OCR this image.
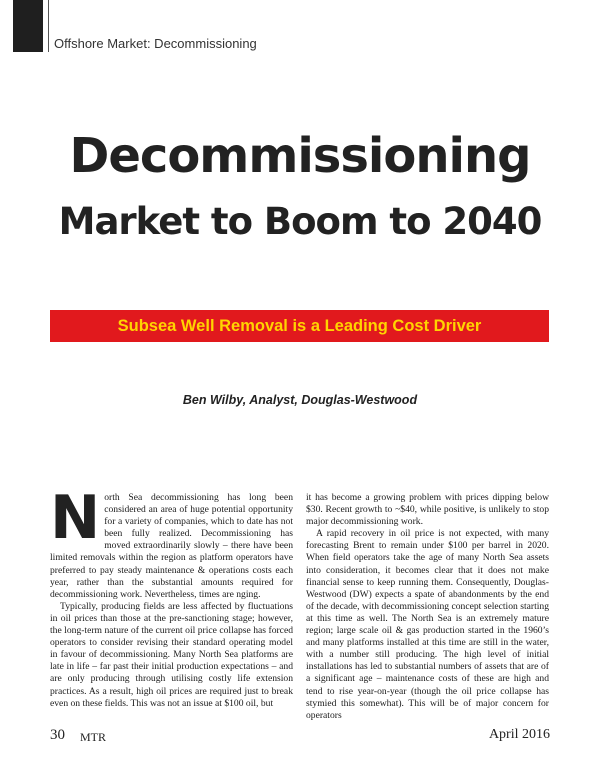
Offshore Market: Decommissioning
Decommissioning
Market to Boom to 2040
Subsea Well Removal is a Leading Cost Driver
Ben Wilby, Analyst, Douglas-Westwood

North Sea decommissioning has long been considered an area of huge potential opportunity for a variety of companies, which to date has not been fully realized. Decommissioning has moved extraordinarily slowly – there have been limited removals within the region as platform operators have preferred to pay steady maintenance & operations costs each year, rather than the substantial amounts required for decommissioning work. Nevertheless, times are nging.

Typically, producing fields are less affected by fluctuations in oil prices than those at the pre-sanctioning stage; however, the long-term nature of the current oil price collapse has forced operators to consider revising their standard operating model in favour of decommissioning. Many North Sea platforms are late in life – far past their initial production expectations – and are only producing through utilising costly life extension practices. As a result, high oil prices are required just to break even on these fields. This was not an issue at $100 oil, but

it has become a growing problem with prices dipping below $30. Recent growth to ~$40, while positive, is unlikely to stop major decommissioning work.

A rapid recovery in oil price is not expected, with many forecasting Brent to remain under $100 per barrel in 2020. When field operators take the age of many North Sea assets into consideration, it becomes clear that it does not make financial sense to keep running them. Consequently, Douglas-Westwood (DW) expects a spate of abandonments by the end of the decade, with decommissioning concept selection starting at this time as well. The North Sea is an extremely mature region; large scale oil & gas production started in the 1960’s and many platforms installed at this time are still in the water, with a number still producing. The high level of initial installations has led to substantial numbers of assets that are of a significant age – maintenance costs of these are high and tend to rise year-on-year (though the oil price collapse has stymied this somewhat). This will be of major concern for operators

30 MTR	April 2016
